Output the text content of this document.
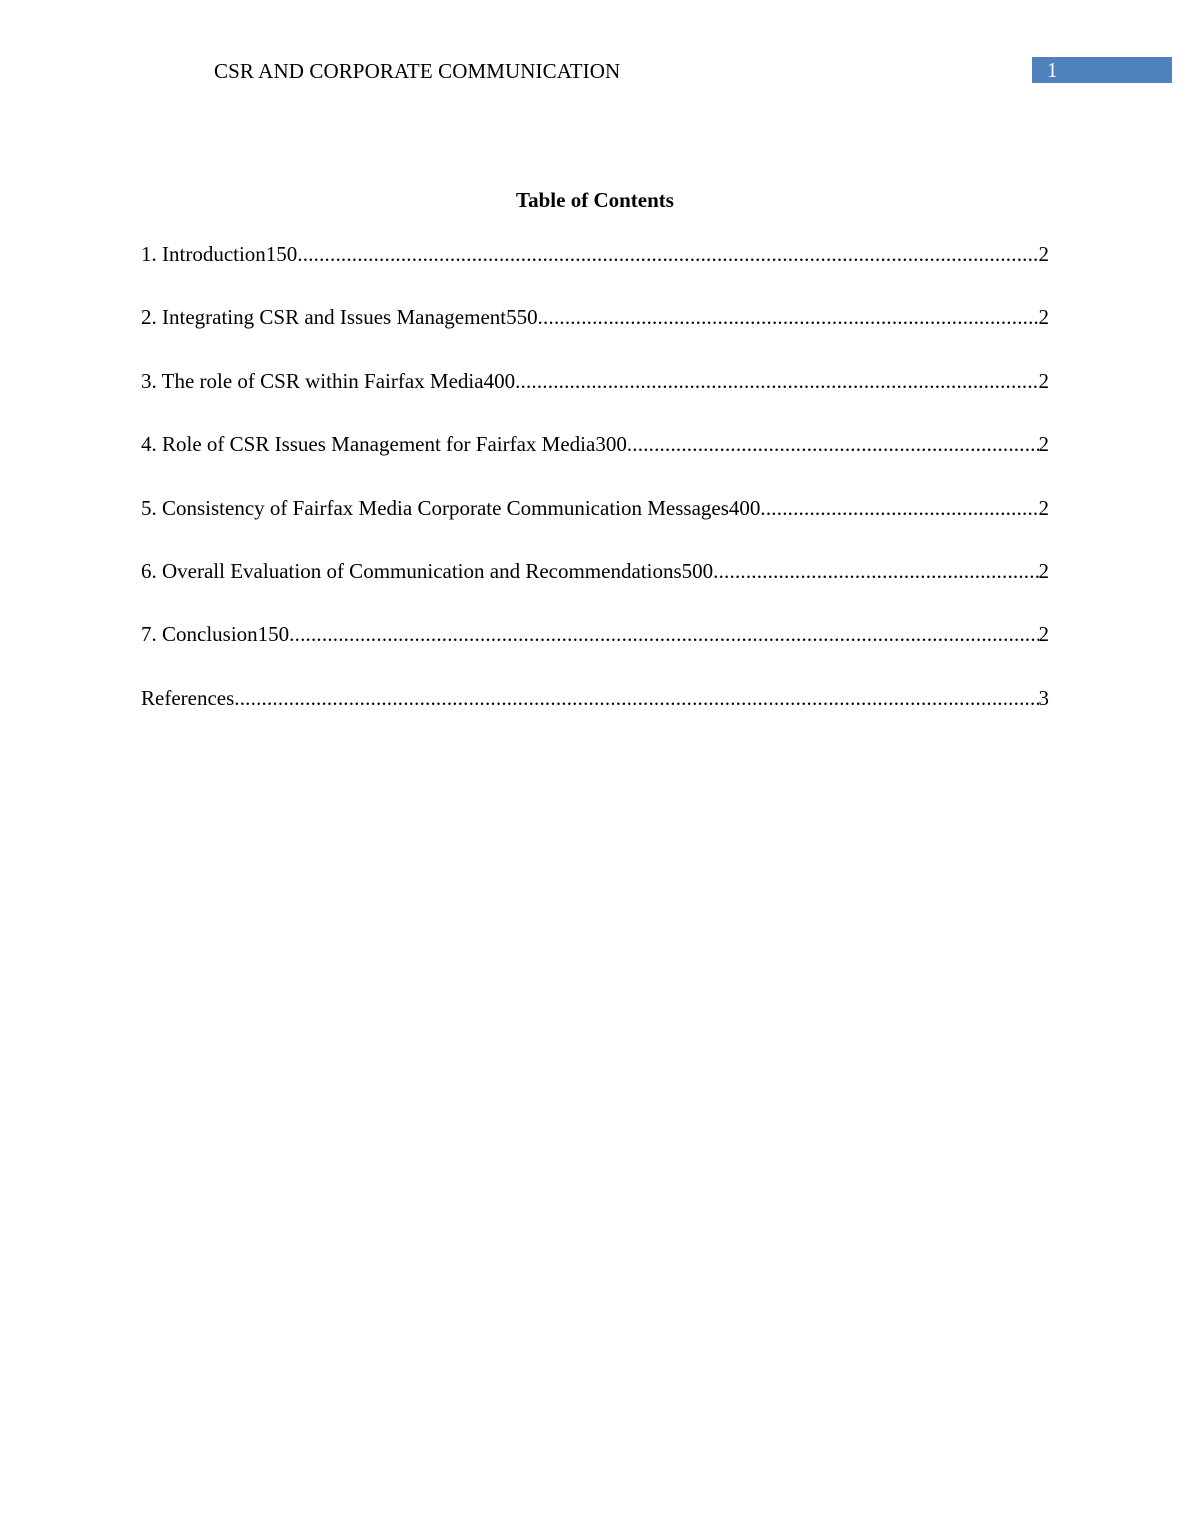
CSR AND CORPORATE COMMUNICATION	1
Table of Contents
1. Introduction150 .....	2
2. Integrating CSR and Issues Management550 .....	2
3. The role of CSR within Fairfax Media400 .....	2
4. Role of CSR Issues Management for Fairfax Media300 .....	2
5. Consistency of Fairfax Media Corporate Communication Messages400 .....	2
6. Overall Evaluation of Communication and Recommendations500 .....	2
7. Conclusion150 .....	2
References .....	3
